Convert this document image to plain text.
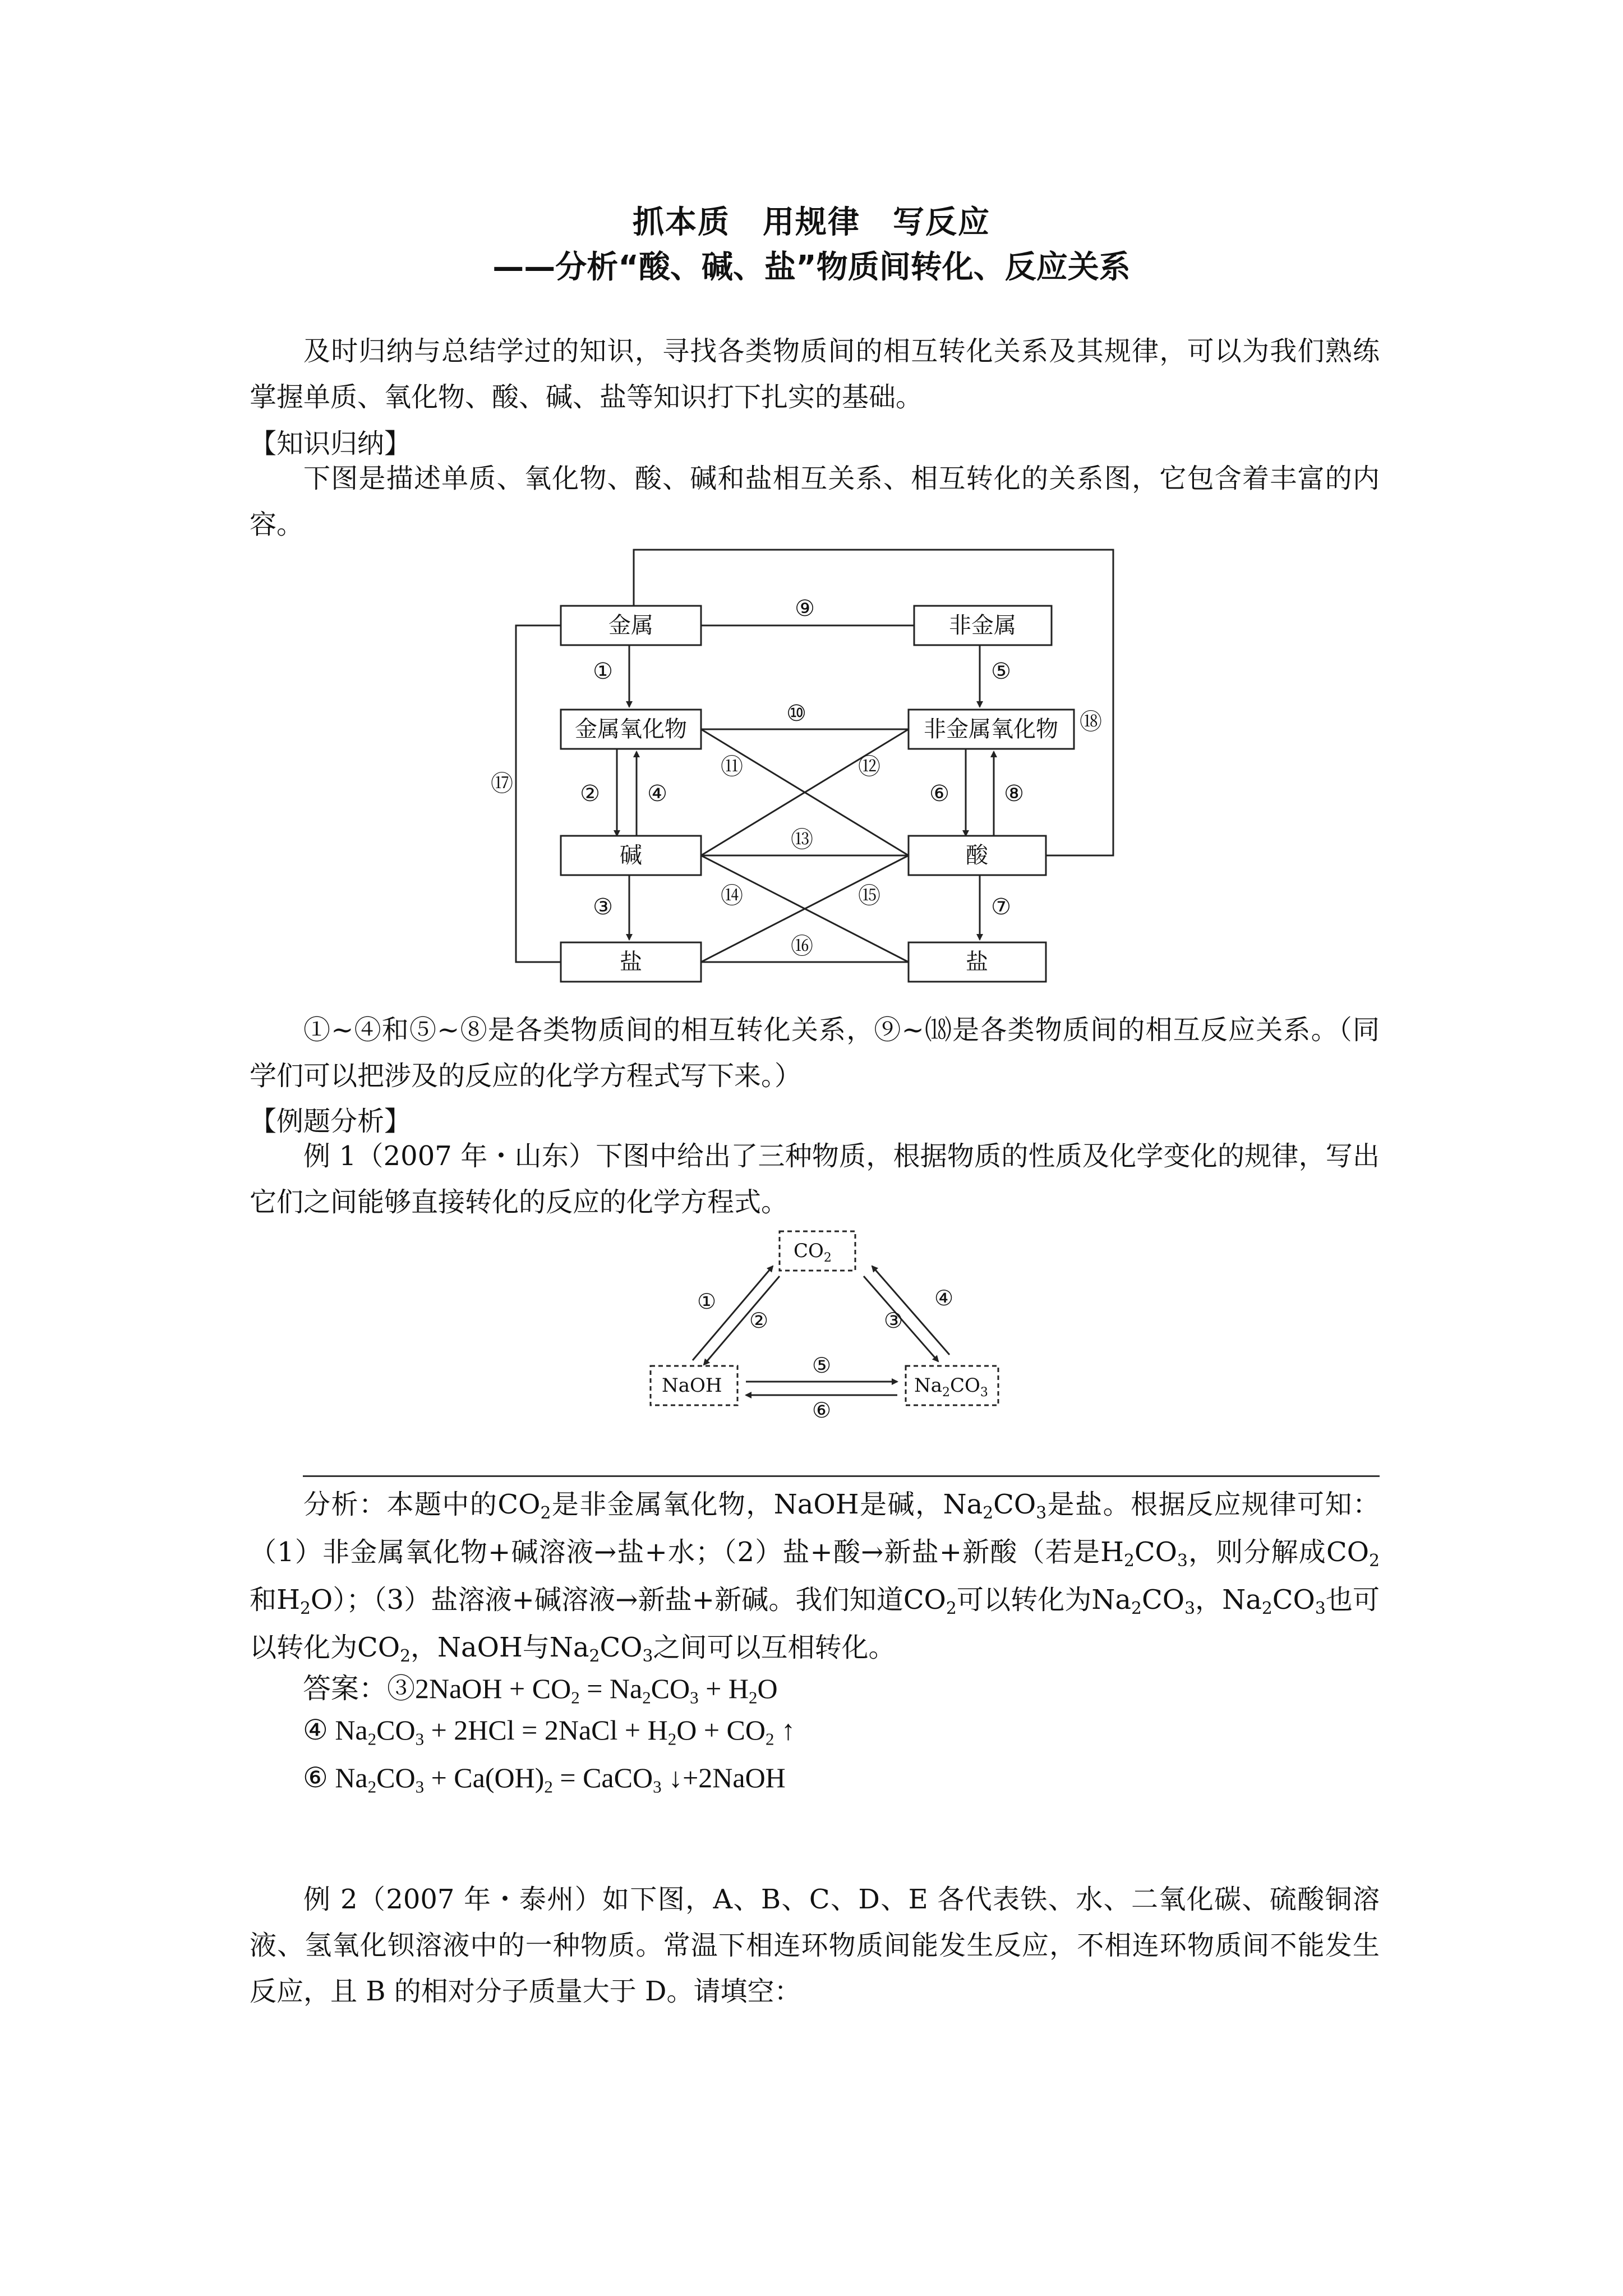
抓本质　用规律　写反应
——分析“酸、碱、盐”物质间转化、反应关系

及时归纳与总结学过的知识，寻找各类物质间的相互转化关系及其规律，可以为我们熟练掌握单质、氧化物、酸、碱、盐等知识打下扎实的基础。

【知识归纳】

下图是描述单质、氧化物、酸、碱和盐相互关系、相互转化的关系图，它包含着丰富的内容。

金属	非金属
金属氧化物	非金属氧化物
碱	酸
盐	盐
⑨
①	⑤
⑩	⑱
⑪	⑫
⑰	② ④	⑥ ⑧
⑬
⑭	⑮
③	⑦
⑯

①~④和⑤~⑧是各类物质间的相互转化关系，⑨~⒅是各类物质间的相互反应关系。（同学们可以把涉及的反应的化学方程式写下来。）

【例题分析】

例 1（2007 年・山东）下图中给出了三种物质，根据物质的性质及化学变化的规律，写出它们之间能够直接转化的反应的化学方程式。

$CO_2$
NaOH	$Na_2CO_3$
①
②	③
④
⑤
⑥

分析：本题中的$CO_2$是非金属氧化物，NaOH是碱，$Na_2CO_3$是盐。根据反应规律可知：（1）非金属氧化物+碱溶液→盐+水；（2）盐+酸→新盐+新酸（若是$H_2CO_3$，则分解成$CO_2$和$H_2O$）；（3）盐溶液+碱溶液→新盐+新碱。我们知道$CO_2$可以转化为$Na_2CO_3$，$Na_2CO_3$也可以转化为$CO_2$，NaOH与$Na_2CO_3$之间可以互相转化。

答案：③2NaOH + $CO_2 = Na_2CO_3 + H_2O$
④ $Na_2CO_3 + 2HCl$ = 2NaCl + $H_2O + CO_2$ ↑
⑥ $Na_2CO_3 + Ca(OH)_2$ = CaCO$_3$ ↓+2NaOH

例 2（2007 年・泰州）如下图，A、B、C、D、E 各代表铁、水、二氧化碳、硫酸铜溶液、氢氧化钡溶液中的一种物质。常温下相连环物质间能发生反应，不相连环物质间不能发生反应，且 B 的相对分子质量大于 D。请填空：
